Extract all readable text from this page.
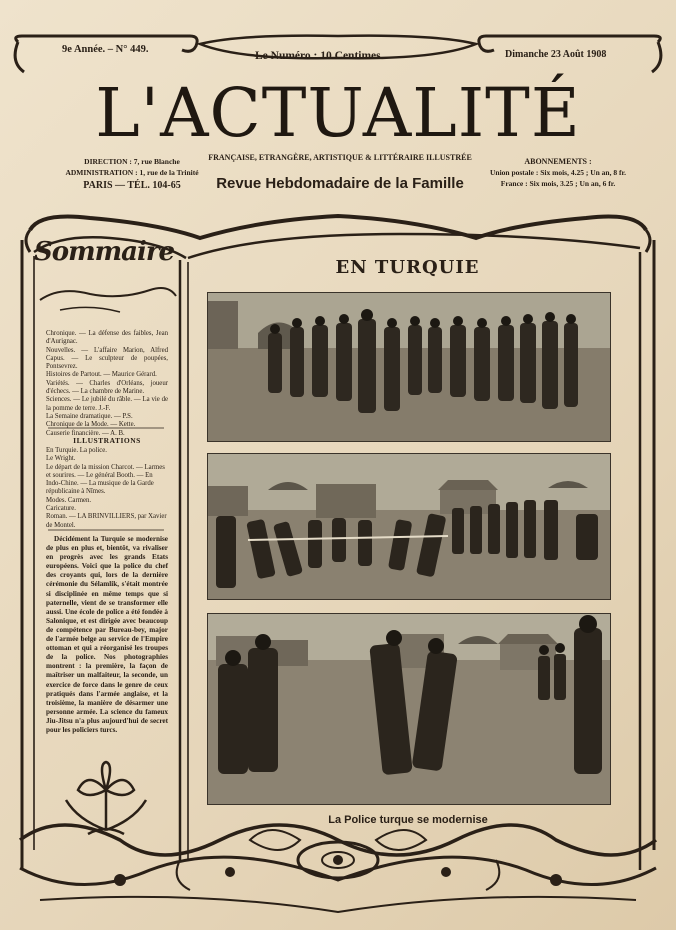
9e Année. – N° 449.
Le Numéro : 10 Centimes	Dimanche 23 Août 1908
L'ACTUALITÉ
DIRECTION : 7, rue Blanche
ADMINISTRATION : 1, rue de la Trinité
PARIS — TÉL. 104-65
FRANÇAISE, ETRANGÈRE, ARTISTIQUE & LITTÉRAIRE ILLUSTRÉE
Revue Hebdomadaire de la Famille
ABONNEMENTS :
Union postale : Six mois, 4.25 ; Un an, 8 fr.
France : Six mois, 3.25 ; Un an, 6 fr.
Sommaire

Chronique. — La défense des faibles, Jean d'Aurignac.

Nouvelles. — L'affaire Marion, Alfred Capus. — Le sculpteur de poupées, Pontsevrez.

Histoires de Partout. — Maurice Gérard.

Variétés. — Charles d'Orléans, joueur d'échecs. — La chambre de Marine.

Sciences. — Le jubilé du râble. — La vie de la pomme de terre. J.-F.

La Semaine dramatique. — P.S.

Chronique de la Mode. — Kette.

Causerie financière. — A. B.

ILLUSTRATIONS

En Turquie. La police.

Le Wright.

Le départ de la mission Charcot. — Larmes et sourires. — Le général Booth. — En Indo-Chine. — La musique de la Garde républicaine à Nîmes.

Modes. Carmen.

Caricature.

Roman. — LA BRINVILLIERS, par Xavier de Montel.

Décidément la Turquie se modernise de plus en plus et, bientôt, va rivaliser en progrès avec les grands Etats européens. Voici que la police du chef des croyants qui, lors de la dernière cérémonie du Sélamlik, s'était montrée si disciplinée en même temps que si paternelle, vient de se transformer elle aussi. Une école de police a été fondée à Salonique, et est dirigée avec beaucoup de compétence par Bureau-bey, major de l'armée belge au service de l'Empire ottoman et qui a réorganisé les troupes de la police. Nos photographies montrent : la première, la façon de maîtriser un malfaiteur, la seconde, un exercice de force dans le genre de ceux pratiqués dans l'armée anglaise, et la troisième, la manière de désarmer une personne armée. La science du fameux Jiu-Jitsu n'a plus aujourd'hui de secret pour les policiers turcs.

EN TURQUIE
La Police turque se modernise
